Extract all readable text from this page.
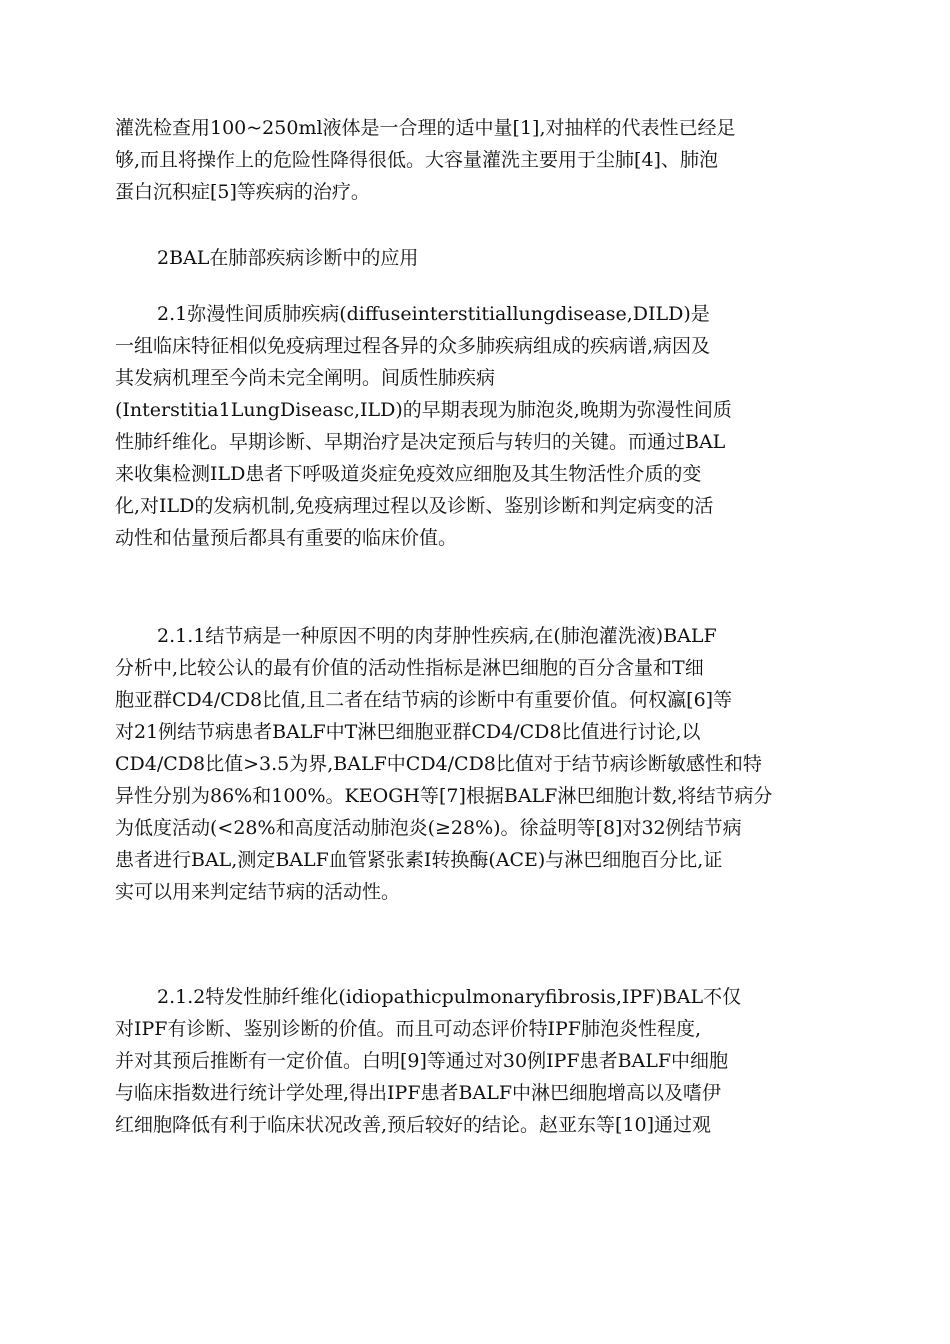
灌洗检查用100~250ml液体是一合理的适中量[1],对抽样的代表性已经足
够,而且将操作上的危险性降得很低。大容量灌洗主要用于尘肺[4]、肺泡
蛋白沉积症[5]等疾病的治疗。
2BAL在肺部疾病诊断中的应用
2.1弥漫性间质肺疾病(diffuseinterstitiallungdisease,DILD)是
一组临床特征相似免疫病理过程各异的众多肺疾病组成的疾病谱,病因及
其发病机理至今尚未完全阐明。间质性肺疾病
(Interstitia1LungDiseasc,ILD)的早期表现为肺泡炎,晚期为弥漫性间质
性肺纤维化。早期诊断、早期治疗是决定预后与转归的关键。而通过BAL
来收集检测ILD患者下呼吸道炎症免疫效应细胞及其生物活性介质的变
化,对ILD的发病机制,免疫病理过程以及诊断、鉴别诊断和判定病变的活
动性和估量预后都具有重要的临床价值。
2.1.1结节病是一种原因不明的肉芽肿性疾病,在(肺泡灌洗液)BALF
分析中,比较公认的最有价值的活动性指标是淋巴细胞的百分含量和T细
胞亚群CD4/CD8比值,且二者在结节病的诊断中有重要价值。何权瀛[6]等
对21例结节病患者BALF中T淋巴细胞亚群CD4/CD8比值进行讨论,以
CD4/CD8比值>3.5为界,BALF中CD4/CD8比值对于结节病诊断敏感性和特
异性分别为86%和100%。KEOGH等[7]根据BALF淋巴细胞计数,将结节病分
为低度活动(<28%和高度活动肺泡炎(≥28%)。徐益明等[8]对32例结节病
患者进行BAL,测定BALF血管紧张素I转换酶(ACE)与淋巴细胞百分比,证
实可以用来判定结节病的活动性。
2.1.2特发性肺纤维化(idiopathicpulmonaryfibrosis,IPF)BAL不仅
对IPF有诊断、鉴别诊断的价值。而且可动态评价特IPF肺泡炎性程度,
并对其预后推断有一定价值。白明[9]等通过对30例IPF患者BALF中细胞
与临床指数进行统计学处理,得出IPF患者BALF中淋巴细胞增高以及嗜伊
红细胞降低有利于临床状况改善,预后较好的结论。赵亚东等[10]通过观
